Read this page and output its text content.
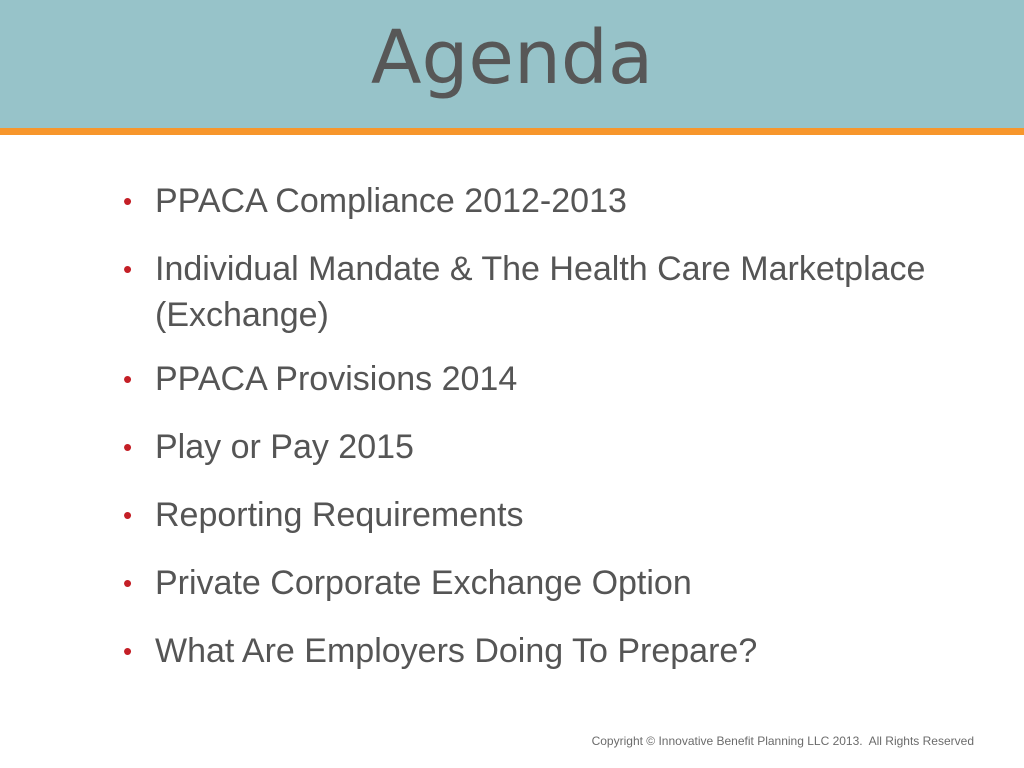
Agenda
• PPACA Compliance 2012-2013
• Individual Mandate & The Health Care Marketplace (Exchange)
• PPACA Provisions 2014
• Play or Pay 2015
• Reporting Requirements
• Private Corporate Exchange Option
• What Are Employers Doing To Prepare?
Copyright © Innovative Benefit Planning LLC 2013.  All Rights Reserved
